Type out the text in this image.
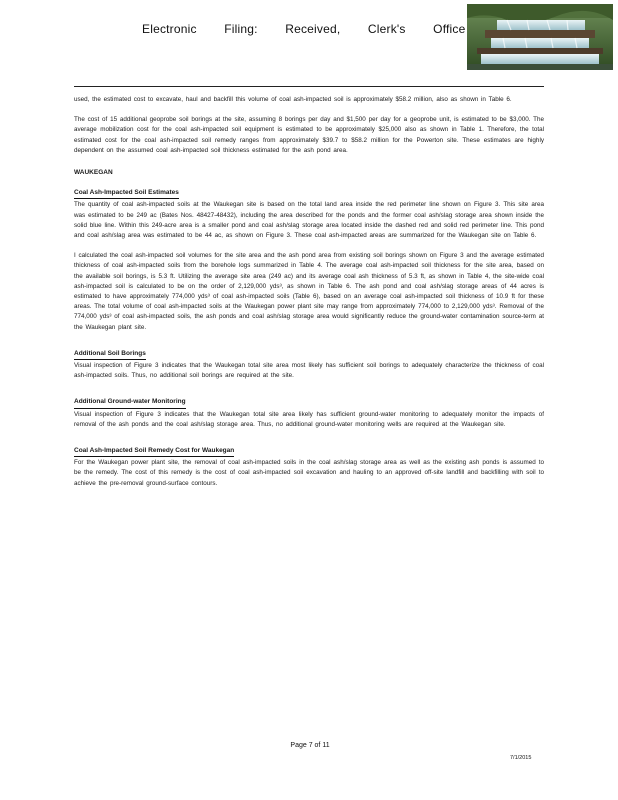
Electronic Filing: Received, Clerk's Office

used, the estimated cost to excavate, haul and backfill this volume of coal ash-impacted soil is approximately $58.2 million, also as shown in Table 6.

The cost of 15 additional geoprobe soil borings at the site, assuming 8 borings per day and $1,500 per day for a geoprobe unit, is estimated to be $3,000. The average mobilization cost for the coal ash-impacted soil equipment is estimated to be approximately $25,000 also as shown in Table 1. Therefore, the total estimated cost for the coal ash-impacted soil remedy ranges from approximately $39.7 to $58.2 million for the Powerton site. These estimates are highly dependent on the assumed coal ash-impacted soil thickness estimated for the ash pond area.

WAUKEGAN
Coal Ash-Impacted Soil Estimates

The quantity of coal ash-impacted soils at the Waukegan site is based on the total land area inside the red perimeter line shown on Figure 3. This site area was estimated to be 249 ac (Bates Nos. 48427-48432), including the area described for the ponds and the former coal ash/slag storage area shown inside the solid blue line. Within this 249-acre area is a smaller pond and coal ash/slag storage area located inside the dashed red and solid red perimeter line. This pond and coal ash/slag area was estimated to be 44 ac, as shown on Figure 3. These coal ash-impacted areas are summarized for the Waukegan site on Table 6.

I calculated the coal ash-impacted soil volumes for the site area and the ash pond area from existing soil borings shown on Figure 3 and the average estimated thickness of coal ash-impacted soils from the borehole logs summarized in Table 4. The average coal ash-impacted soil thickness for the site area, based on the available soil borings, is 5.3 ft. Utilizing the average site area (249 ac) and its average coal ash thickness of 5.3 ft, as shown in Table 4, the site-wide coal ash-impacted soil is calculated to be on the order of 2,129,000 yds³, as shown in Table 6. The ash pond and coal ash/slag storage areas of 44 acres is estimated to have approximately 774,000 yds³ of coal ash-impacted soils (Table 6), based on an average coal ash-impacted soil thickness of 10.9 ft for these areas. The total volume of coal ash-impacted soils at the Waukegan power plant site may range from approximately 774,000 to 2,129,000 yds³. Removal of the 774,000 yds³ of coal ash-impacted soils, the ash ponds and coal ash/slag storage area would significantly reduce the ground-water contamination source-term at the Waukegan plant site.

Additional Soil Borings

Visual inspection of Figure 3 indicates that the Waukegan total site area most likely has sufficient soil borings to adequately characterize the thickness of coal ash-impacted soils. Thus, no additional soil borings are required at the site.

Additional Ground-water Monitoring

Visual inspection of Figure 3 indicates that the Waukegan total site area likely has sufficient ground-water monitoring to adequately monitor the impacts of removal of the ash ponds and the coal ash/slag storage area. Thus, no additional ground-water monitoring wells are required at the Waukegan site.

Coal Ash-Impacted Soil Remedy Cost for Waukegan

For the Waukegan power plant site, the removal of coal ash-impacted soils in the coal ash/slag storage area as well as the existing ash ponds is assumed to be the remedy. The cost of this remedy is the cost of coal ash-impacted soil excavation and hauling to an approved off-site landfill and backfilling with soil to achieve the pre-removal ground-surface contours.

Page 7 of 11
7/1/2015
